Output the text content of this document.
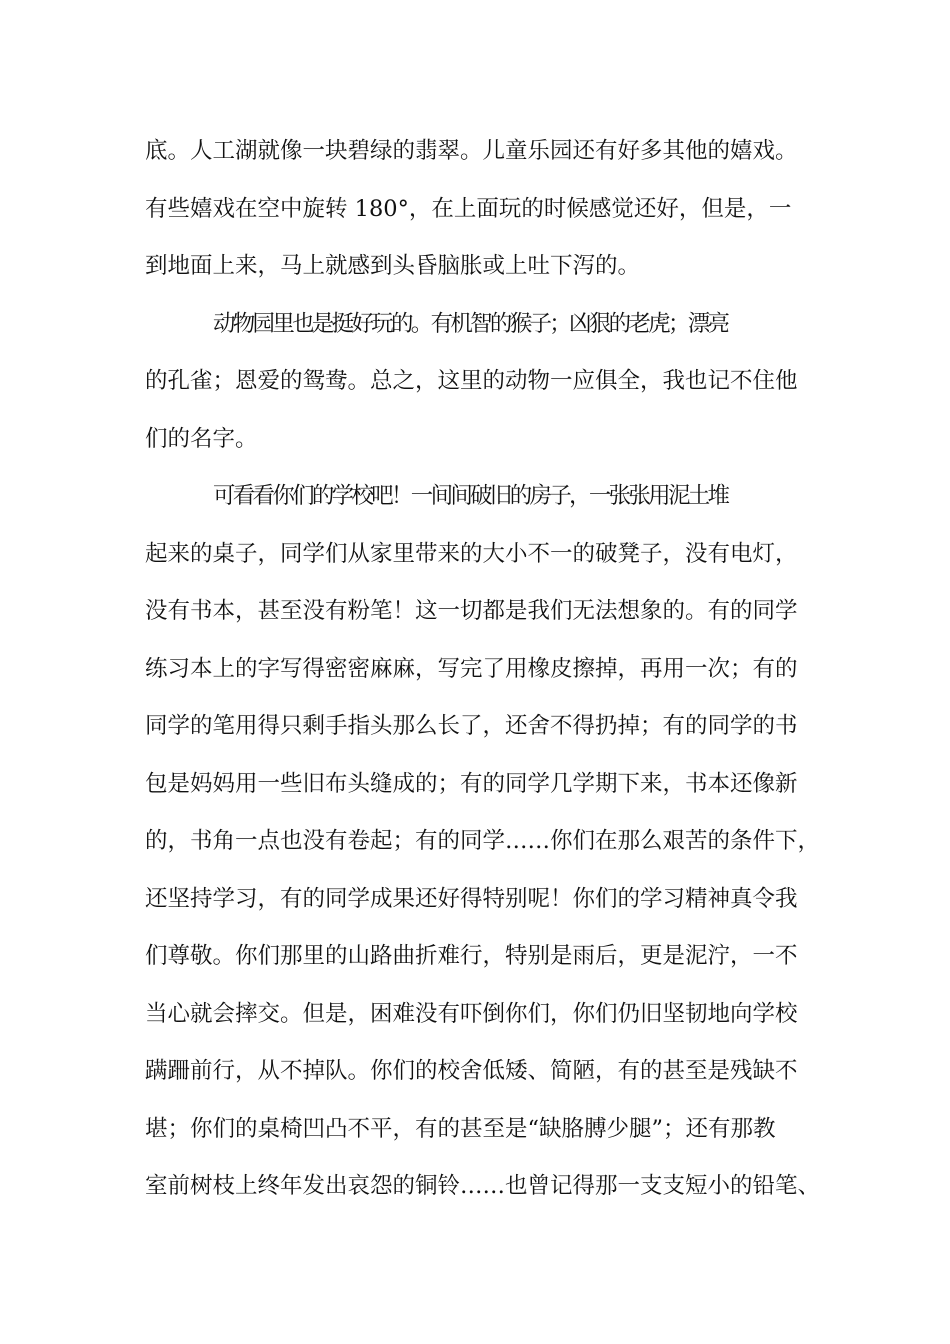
底。人工湖就像一块碧绿的翡翠。儿童乐园还有好多其他的嬉戏。

有些嬉戏在空中旋转 180°，在上面玩的时候感觉还好，但是，一

到地面上来，马上就感到头昏脑胀或上吐下泻的。

动物园里也是挺好玩的。有机智的猴子；凶狠的老虎；漂亮

的孔雀；恩爱的鸳鸯。总之，这里的动物一应俱全，我也记不住他

们的名字。

可看看你们的学校吧！一间间破旧的房子，一张张用泥土堆

起来的桌子，同学们从家里带来的大小不一的破凳子，没有电灯，

没有书本，甚至没有粉笔！这一切都是我们无法想象的。有的同学

练习本上的字写得密密麻麻，写完了用橡皮擦掉，再用一次；有的

同学的笔用得只剩手指头那么长了，还舍不得扔掉；有的同学的书

包是妈妈用一些旧布头缝成的；有的同学几学期下来，书本还像新

的，书角一点也没有卷起；有的同学……你们在那么艰苦的条件下，

还坚持学习，有的同学成果还好得特别呢！你们的学习精神真令我

们尊敬。你们那里的山路曲折难行，特别是雨后，更是泥泞，一不

当心就会摔交。但是，困难没有吓倒你们，你们仍旧坚韧地向学校

蹒跚前行，从不掉队。你们的校舍低矮、简陋，有的甚至是残缺不

堪；你们的桌椅凹凸不平，有的甚至是“缺胳膊少腿”；还有那教

室前树枝上终年发出哀怨的铜铃……也曾记得那一支支短小的铅笔、
